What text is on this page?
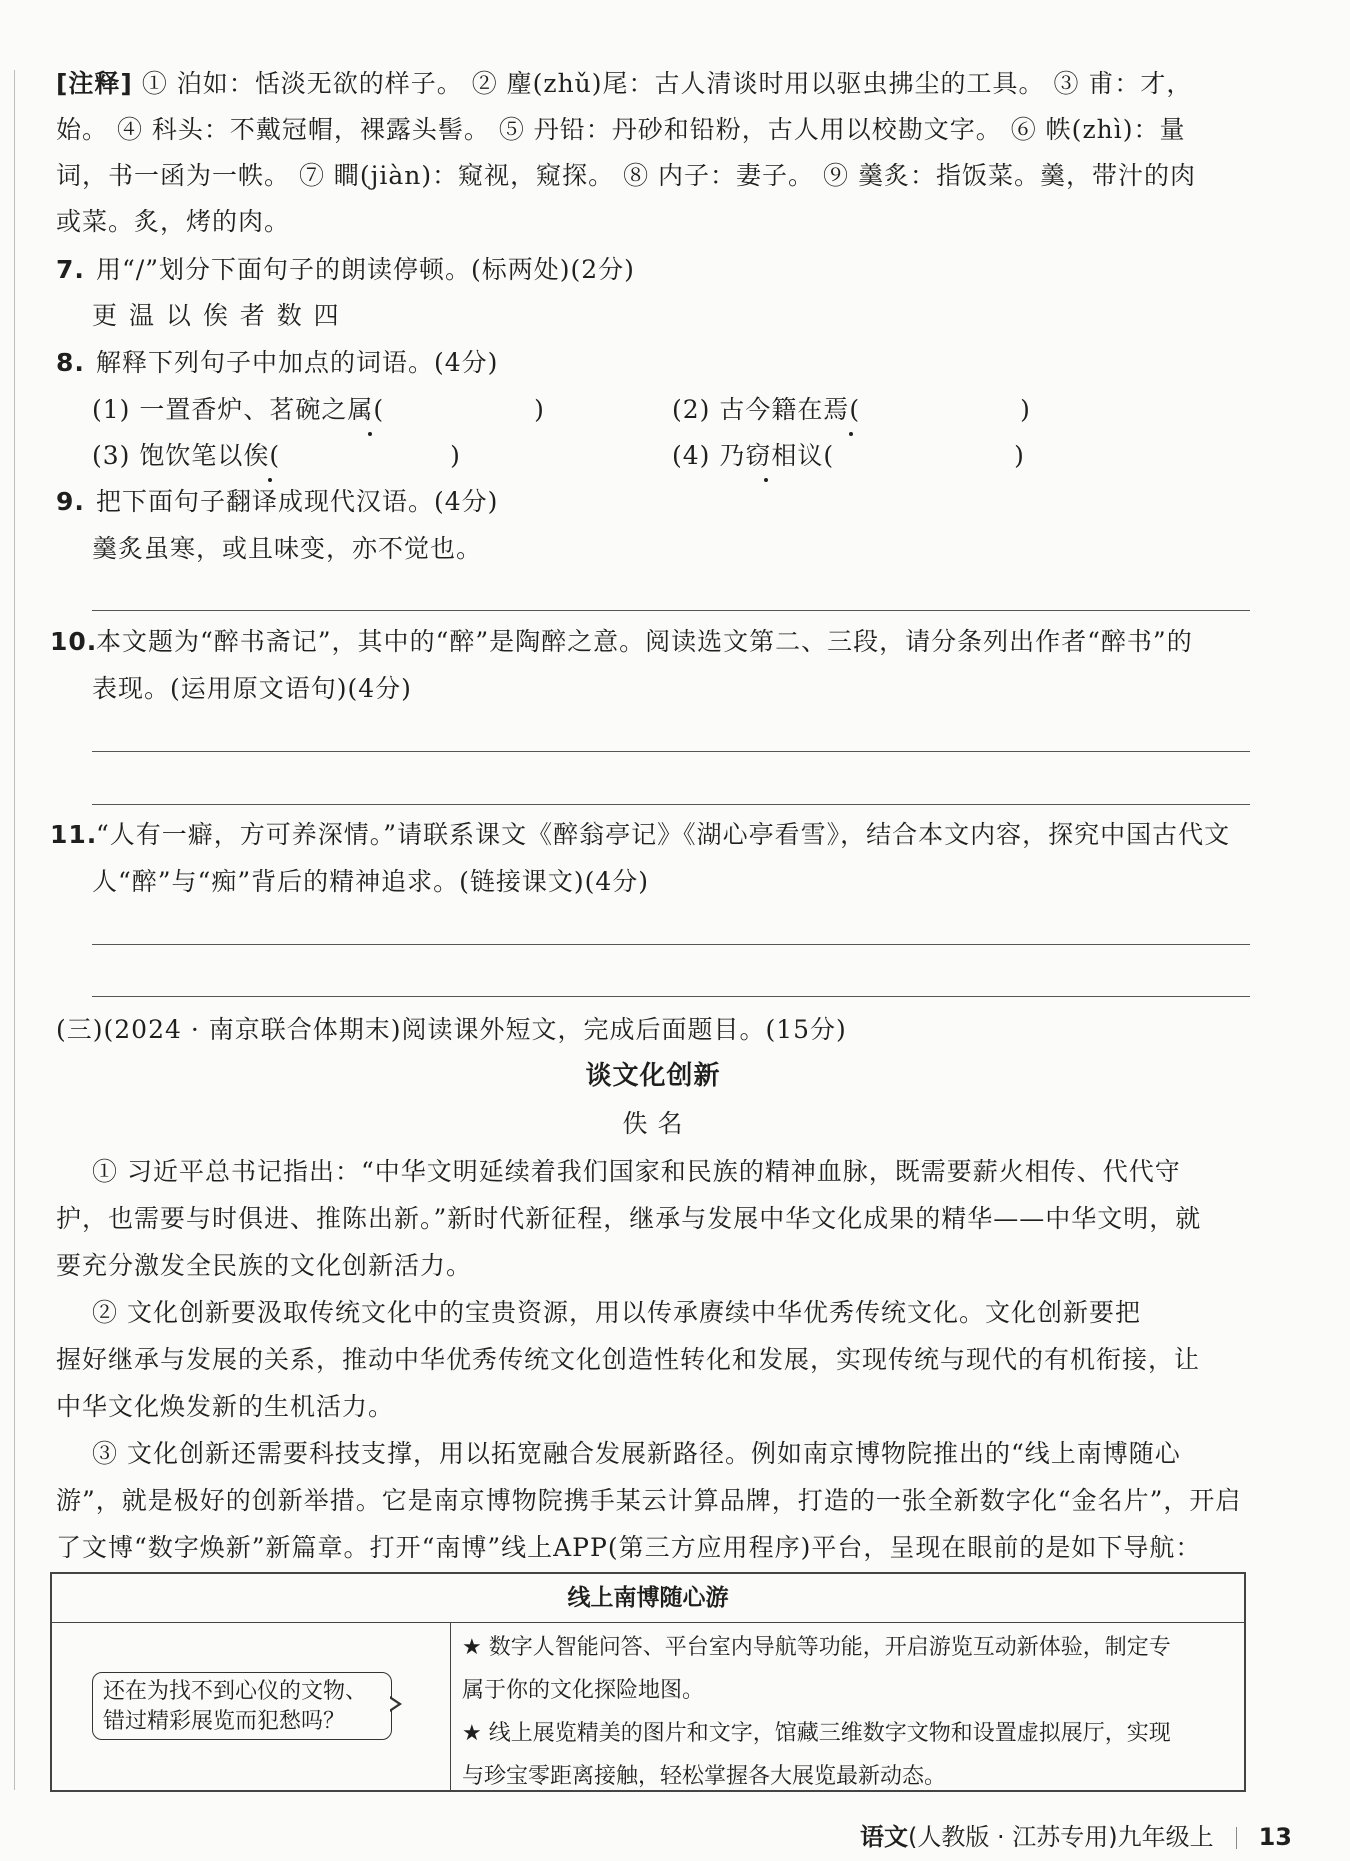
[注释] ① 泊如：恬淡无欲的样子。 ② 麈(zhǔ)尾：古人清谈时用以驱虫拂尘的工具。 ③ 甫：才，
始。 ④ 科头：不戴冠帽，裸露头髻。 ⑤ 丹铅：丹砂和铅粉，古人用以校勘文字。 ⑥ 帙(zhì)：量
词，书一函为一帙。 ⑦ 瞷(jiàn)：窥视，窥探。 ⑧ 内子：妻子。 ⑨ 羹炙：指饭菜。羹，带汁的肉
或菜。炙，烤的肉。
7. 用“/”划分下面句子的朗读停顿。(标两处)(2分)
更 温 以 俟 者 数 四
8. 解释下列句子中加点的词语。(4分)
(1) 一置香炉、茗碗之属(	)	(2) 古今籍在焉(	)
(3) 饱饮笔以俟(	)	(4) 乃窃相议(	)
9. 把下面句子翻译成现代汉语。(4分)
羹炙虽寒，或且味变，亦不觉也。
10.本文题为“醉书斋记”，其中的“醉”是陶醉之意。阅读选文第二、三段，请分条列出作者“醉书”的
表现。(运用原文语句)(4分)
11.“人有一癖，方可养深情。”请联系课文《醉翁亭记》《湖心亭看雪》，结合本文内容，探究中国古代文
人“醉”与“痴”背后的精神追求。(链接课文)(4分)
(三)(2024 · 南京联合体期末)阅读课外短文，完成后面题目。(15分)
谈文化创新
佚 名
① 习近平总书记指出：“中华文明延续着我们国家和民族的精神血脉，既需要薪火相传、代代守
护，也需要与时俱进、推陈出新。”新时代新征程，继承与发展中华文化成果的精华——中华文明，就
要充分激发全民族的文化创新活力。
② 文化创新要汲取传统文化中的宝贵资源，用以传承赓续中华优秀传统文化。文化创新要把
握好继承与发展的关系，推动中华优秀传统文化创造性转化和发展，实现传统与现代的有机衔接，让
中华文化焕发新的生机活力。
③ 文化创新还需要科技支撑，用以拓宽融合发展新路径。例如南京博物院推出的“线上南博随心
游”，就是极好的创新举措。它是南京博物院携手某云计算品牌，打造的一张全新数字化“金名片”，开启
了文博“数字焕新”新篇章。打开“南博”线上APP(第三方应用程序)平台，呈现在眼前的是如下导航：
线上南博随心游
还在为找不到心仪的文物、
错过精彩展览而犯愁吗？
★ 数字人智能问答、平台室内导航等功能，开启游览互动新体验，制定专
属于你的文化探险地图。
★ 线上展览精美的图片和文字，馆藏三维数字文物和设置虚拟展厅，实现
与珍宝零距离接触，轻松掌握各大展览最新动态。
语文(人教版 · 江苏专用)九年级上 13
